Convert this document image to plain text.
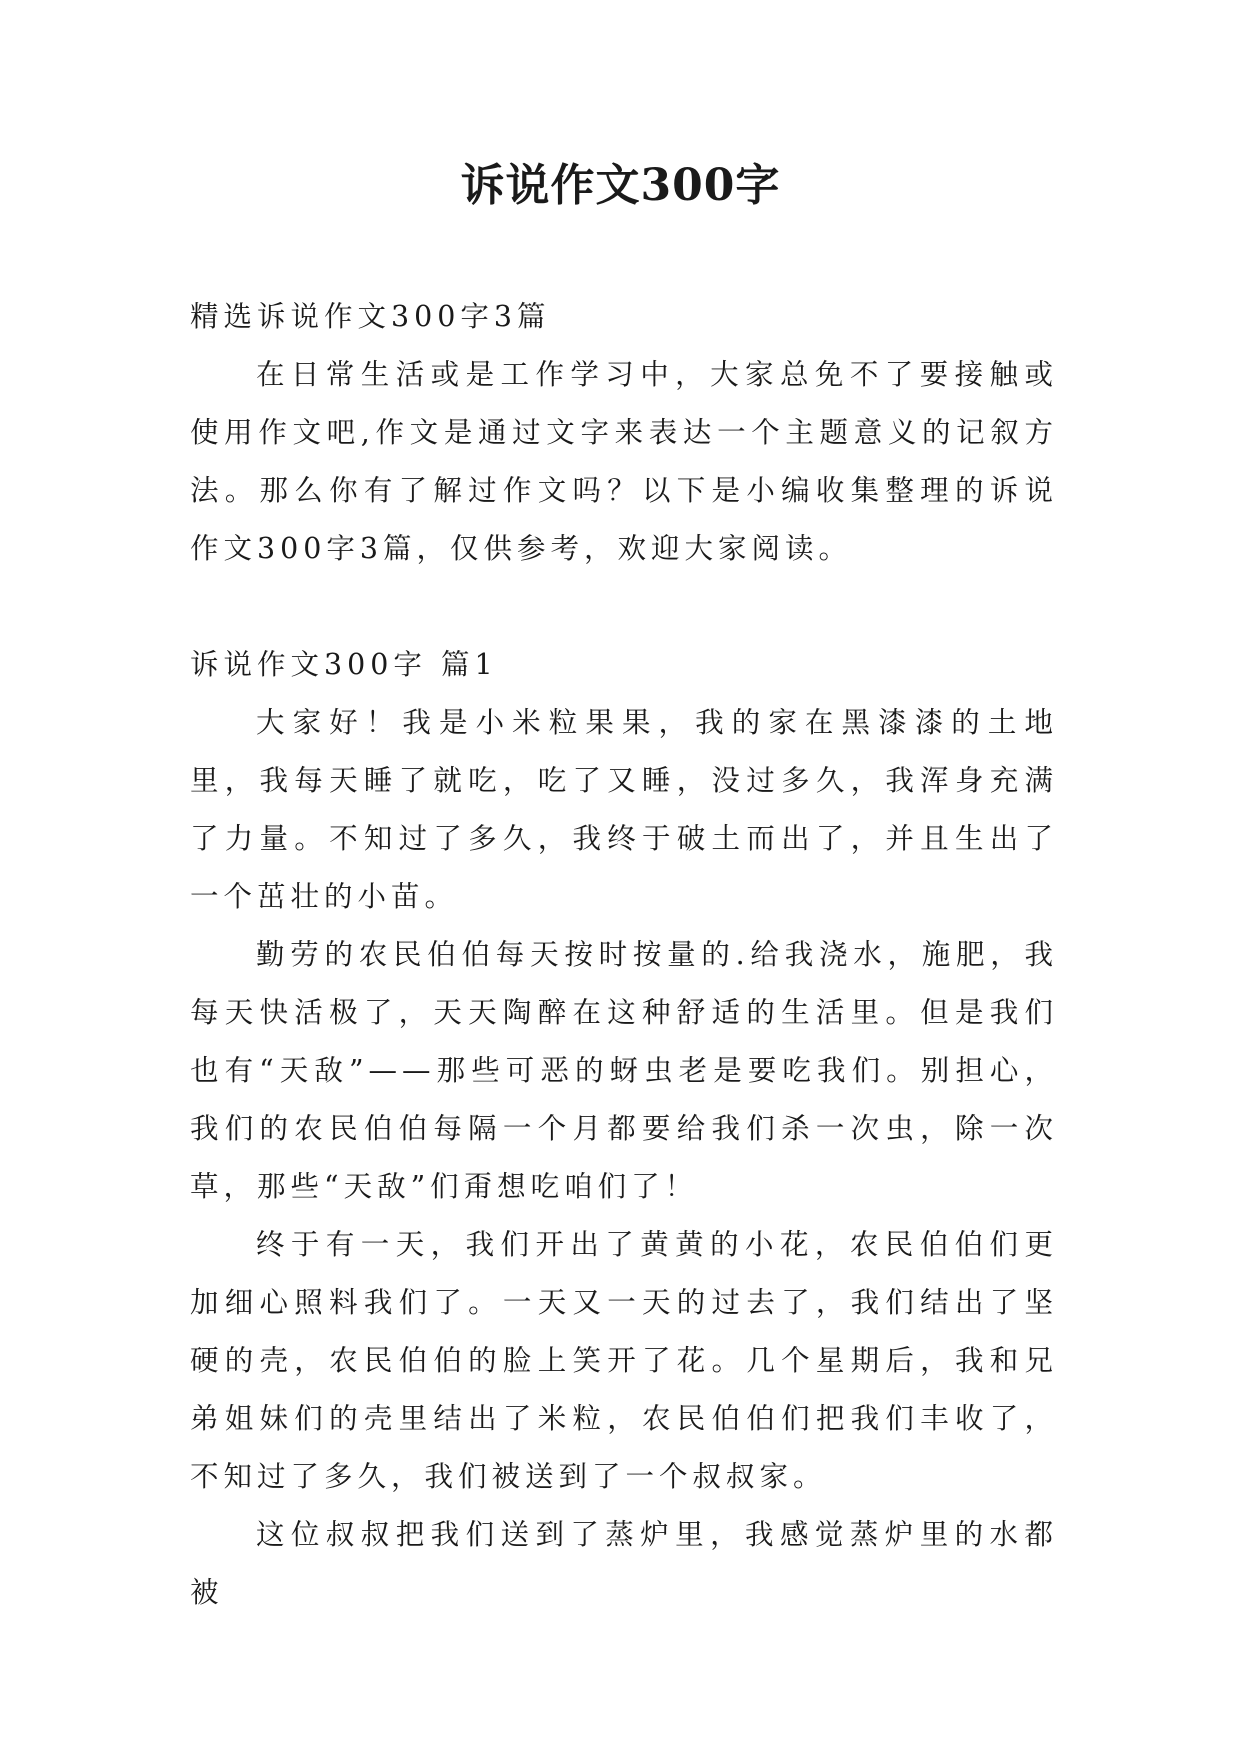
诉说作文300字

精选诉说作文300字3篇

在日常生活或是工作学习中，大家总免不了要接触或使用作文吧,作文是通过文字来表达一个主题意义的记叙方法。那么你有了解过作文吗？以下是小编收集整理的诉说作文300字3篇，仅供参考，欢迎大家阅读。

诉说作文300字 篇1

大家好！我是小米粒果果，我的家在黑漆漆的土地里，我每天睡了就吃，吃了又睡，没过多久，我浑身充满了力量。不知过了多久，我终于破土而出了，并且生出了一个茁壮的小苗。

勤劳的农民伯伯每天按时按量的.给我浇水，施肥，我每天快活极了，天天陶醉在这种舒适的生活里。但是我们也有“天敌”——那些可恶的蚜虫老是要吃我们。别担心，我们的农民伯伯每隔一个月都要给我们杀一次虫，除一次草，那些“天敌”们甭想吃咱们了！

终于有一天，我们开出了黄黄的小花，农民伯伯们更加细心照料我们了。一天又一天的过去了，我们结出了坚硬的壳，农民伯伯的脸上笑开了花。几个星期后，我和兄弟姐妹们的壳里结出了米粒，农民伯伯们把我们丰收了，不知过了多久，我们被送到了一个叔叔家。

这位叔叔把我们送到了蒸炉里，我感觉蒸炉里的水都被
